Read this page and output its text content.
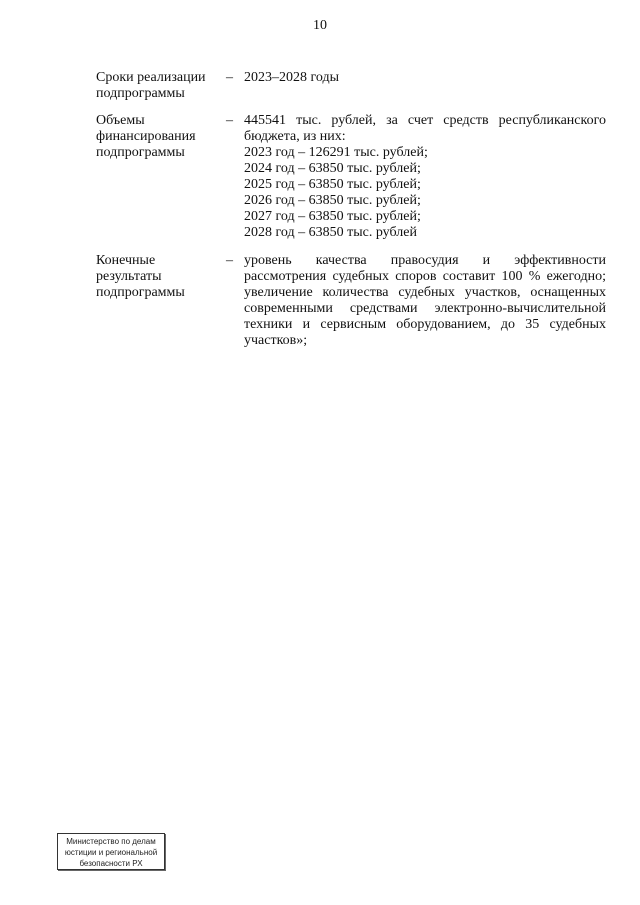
10
Сроки реализации
подпрограммы
– 2023–2028 годы
Объемы
финансирования
подпрограммы
– 445541 тыс. рублей, за счет средств республиканского
бюджета, из них:
2023 год – 126291 тыс. рублей;
2024 год – 63850 тыс. рублей;
2025 год – 63850 тыс. рублей;
2026 год – 63850 тыс. рублей;
2027 год – 63850 тыс. рублей;
2028 год – 63850 тыс. рублей
Конечные
результаты
подпрограммы
– уровень качества правосудия и эффективности
рассмотрения судебных споров составит 100 % ежегодно;
увеличение количества судебных участков, оснащенных
современными средствами электронно-вычислительной
техники и сервисным оборудованием, до 35 судебных
участков»;
Министерство по делам
юстиции и региональной
безопасности РХ
